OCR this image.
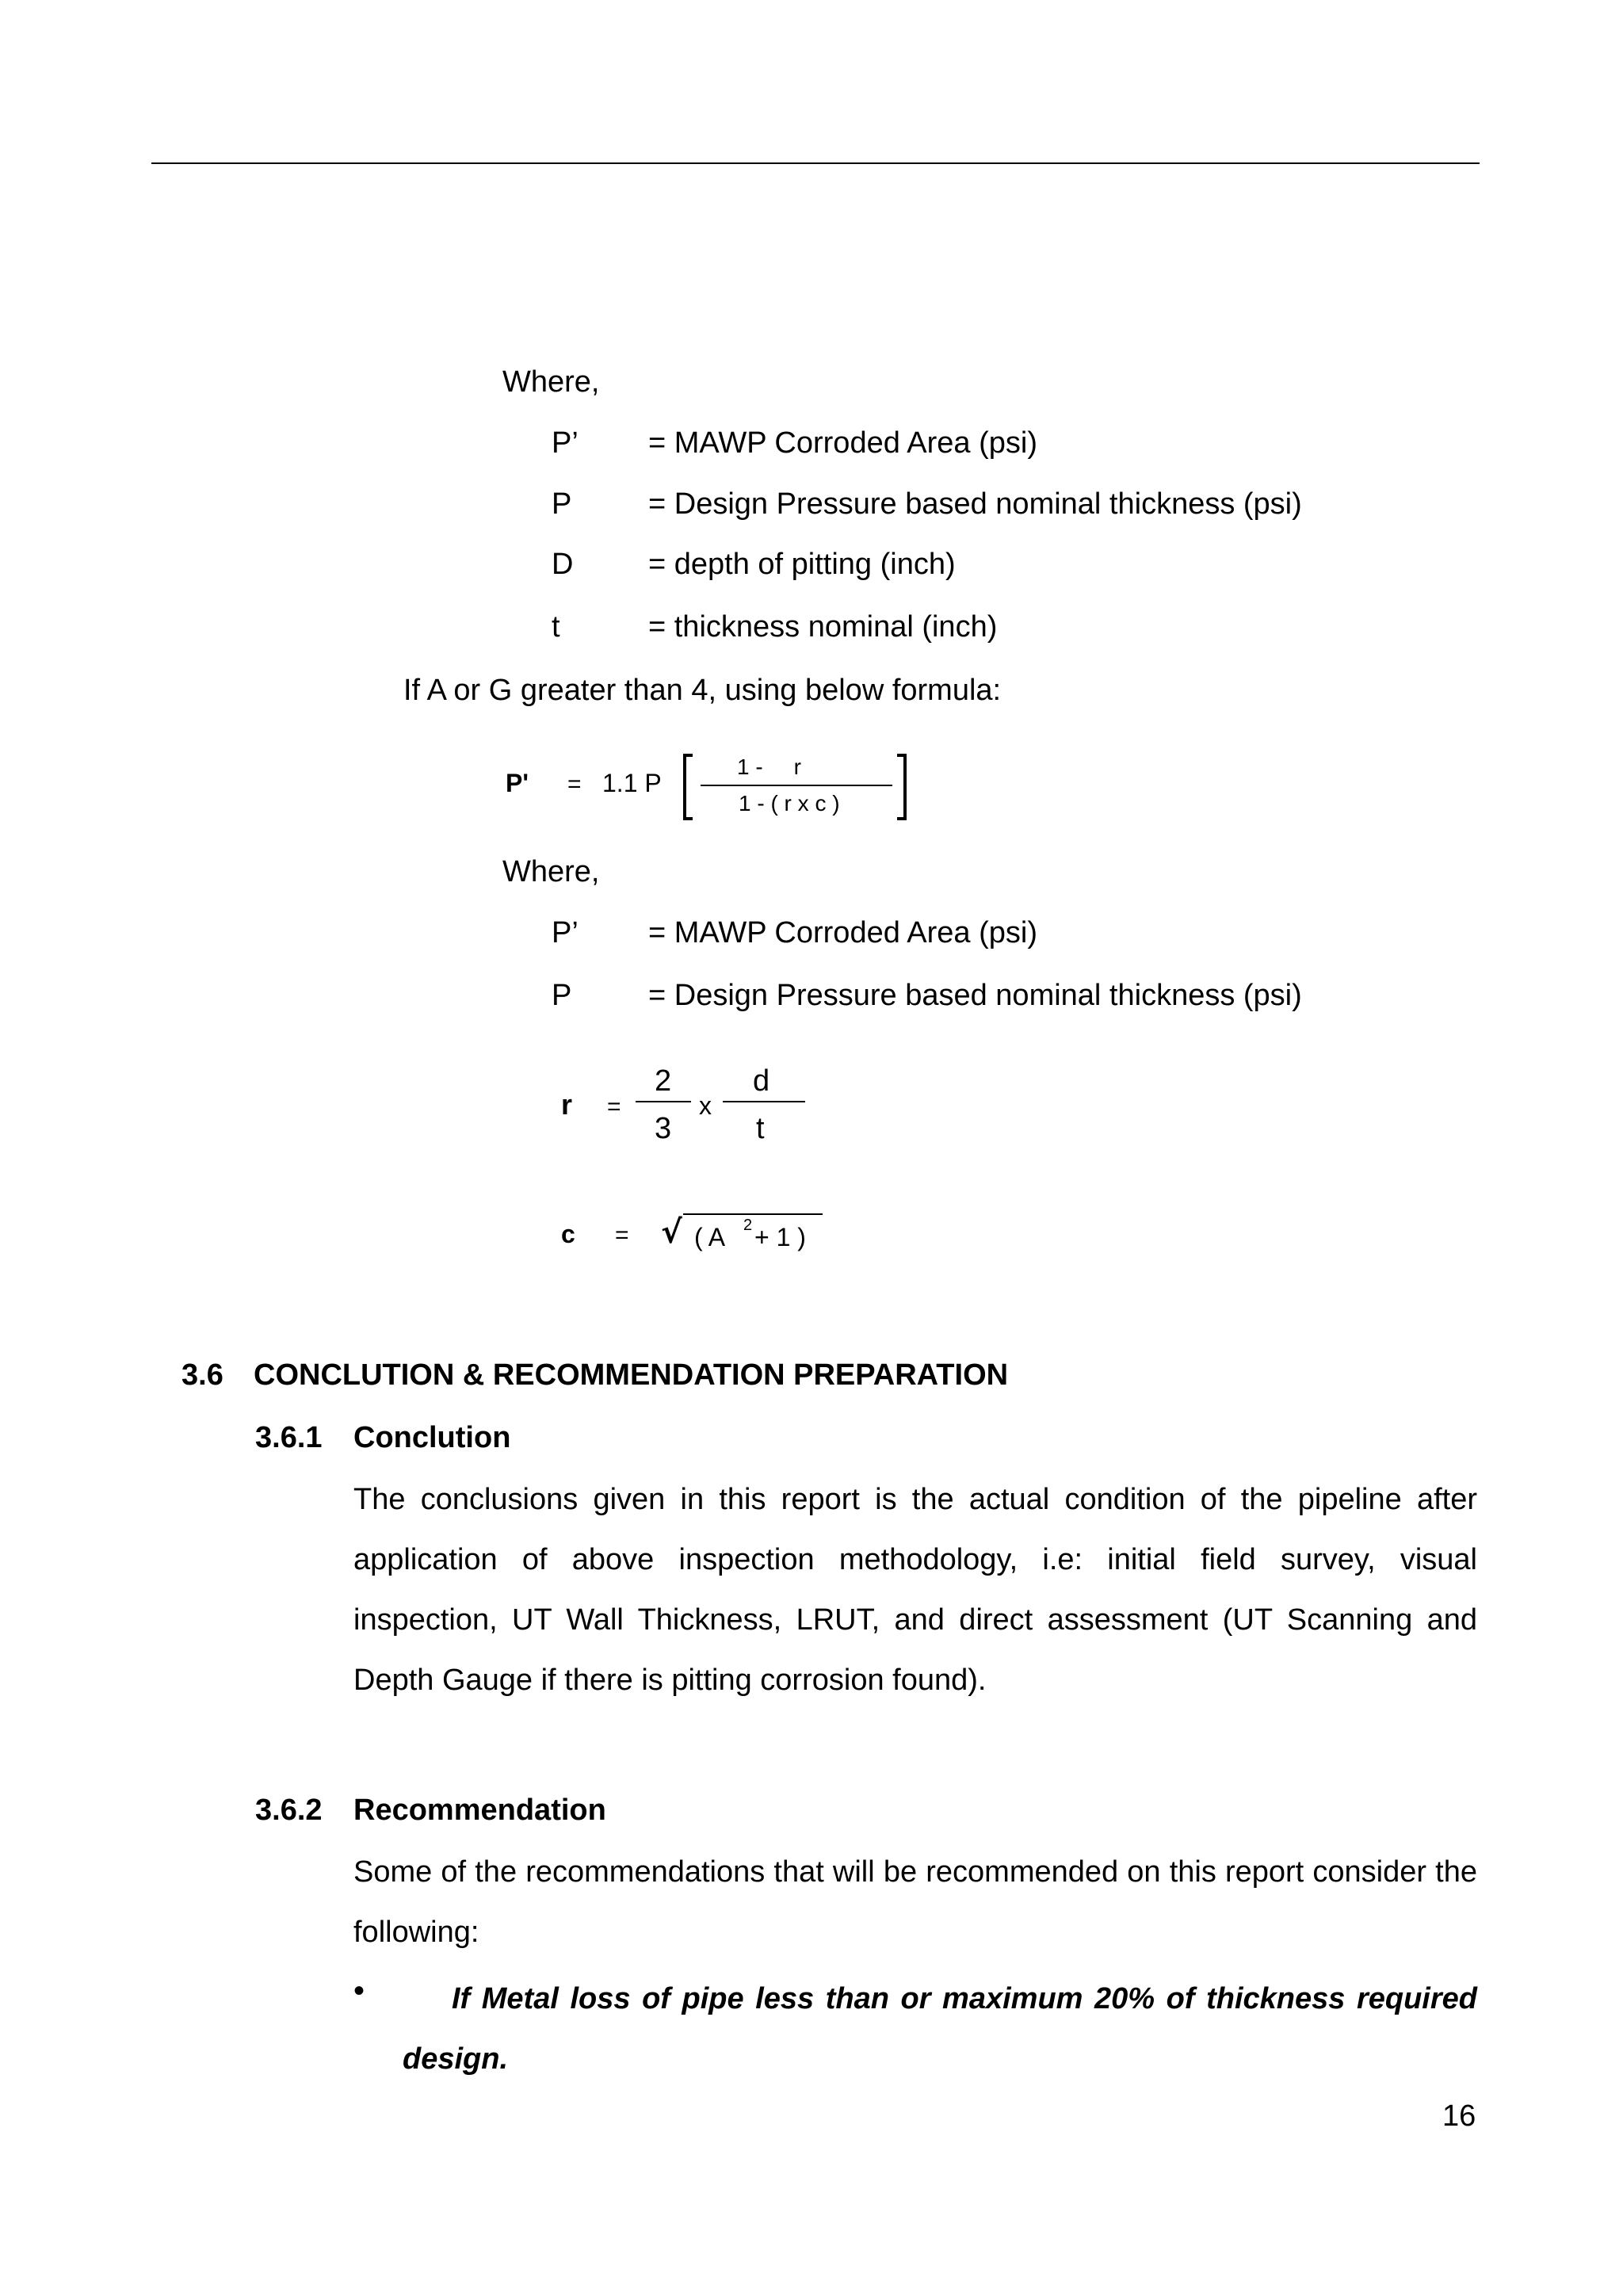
Where,
P’ = MAWP Corroded Area (psi)
P	= Design Pressure based nominal thickness (psi)
D = depth of pitting (inch)
t	= thickness nominal (inch)
If A or G greater than 4, using below formula:
P' = 1.1 P
1 -     r
1 - ( r x c )
Where,
P’ = MAWP Corroded Area (psi)
P	= Design Pressure based nominal thickness (psi)
r =
2
3
x
d
t
c = √ ( A 2 + 1 )
3.6 CONCLUTION & RECOMMENDATION PREPARATION
3.6.1 Conclution
The conclusions given in this report is the actual condition of the pipeline after application of above inspection methodology, i.e: initial field survey, visual inspection, UT Wall Thickness, LRUT, and direct assessment (UT Scanning and Depth Gauge if there is pitting corrosion found).
3.6.2 Recommendation
Some of the recommendations that will be recommended on this report consider the following:
•	If Metal loss of pipe less than or maximum 20% of thickness required design.
16
